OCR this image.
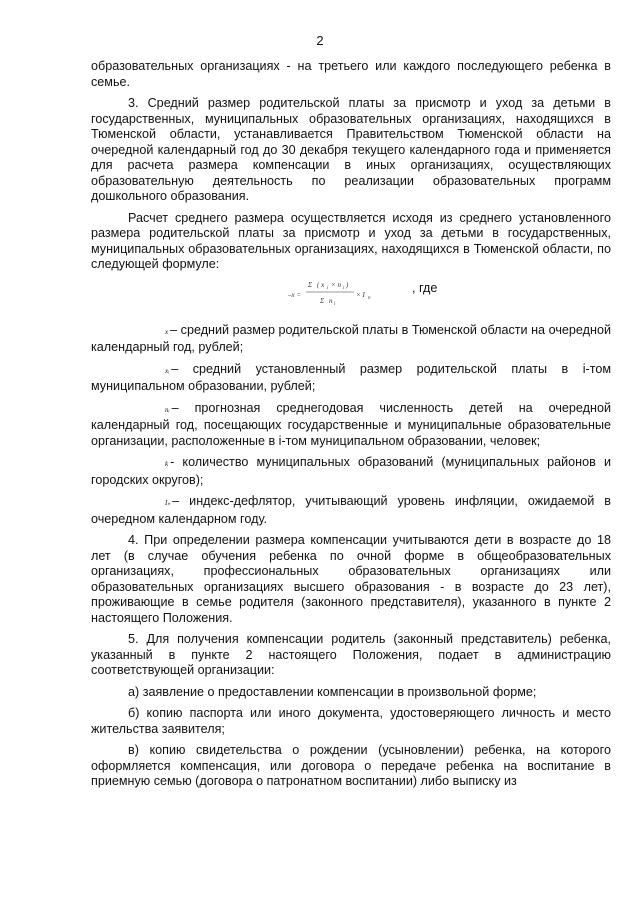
2

образовательных организациях - на третьего или каждого последующего ребенка в семье.

3. Средний размер родительской платы за присмотр и уход за детьми в государственных, муниципальных образовательных организациях, находящихся в Тюменской области, устанавливается Правительством Тюменской области на очередной календарный год до 30 декабря текущего календарного года и применяется для расчета размера компенсации в иных организациях, осуществляющих образовательную деятельность по реализации образовательных программ дошкольного образования.

Расчет среднего размера осуществляется исходя из среднего установленного размера родительской платы за присмотр и уход за детьми в государственных, муниципальных образовательных организациях, находящихся в Тюменской области, по следующей формуле:

–x =
Σ ( x i × n i )
Σ n i
× I n
, где

x – средний размер родительской платы в Тюменской области на очередной календарный год, рублей;

xᵢ – средний установленный размер родительской платы в i-том муниципальном образовании, рублей;

nᵢ – прогнозная среднегодовая численность детей на очередной календарный год, посещающих государственные и муниципальные образовательные организации, расположенные в i-том муниципальном образовании, человек;

k - количество муниципальных образований (муниципальных районов и городских округов);

Iₙ – индекс-дефлятор, учитывающий уровень инфляции, ожидаемой в очередном календарном году.

4. При определении размера компенсации учитываются дети в возрасте до 18 лет (в случае обучения ребенка по очной форме в общеобразовательных организациях, профессиональных образовательных организациях или образовательных организациях высшего образования - в возрасте до 23 лет), проживающие в семье родителя (законного представителя), указанного в пункте 2 настоящего Положения.

5. Для получения компенсации родитель (законный представитель) ребенка, указанный в пункте 2 настоящего Положения, подает в администрацию соответствующей организации:

а) заявление о предоставлении компенсации в произвольной форме;

б) копию паспорта или иного документа, удостоверяющего личность и место жительства заявителя;

в) копию свидетельства о рождении (усыновлении) ребенка, на которого оформляется компенсация, или договора о передаче ребенка на воспитание в приемную семью (договора о патронатном воспитании) либо выписку из
